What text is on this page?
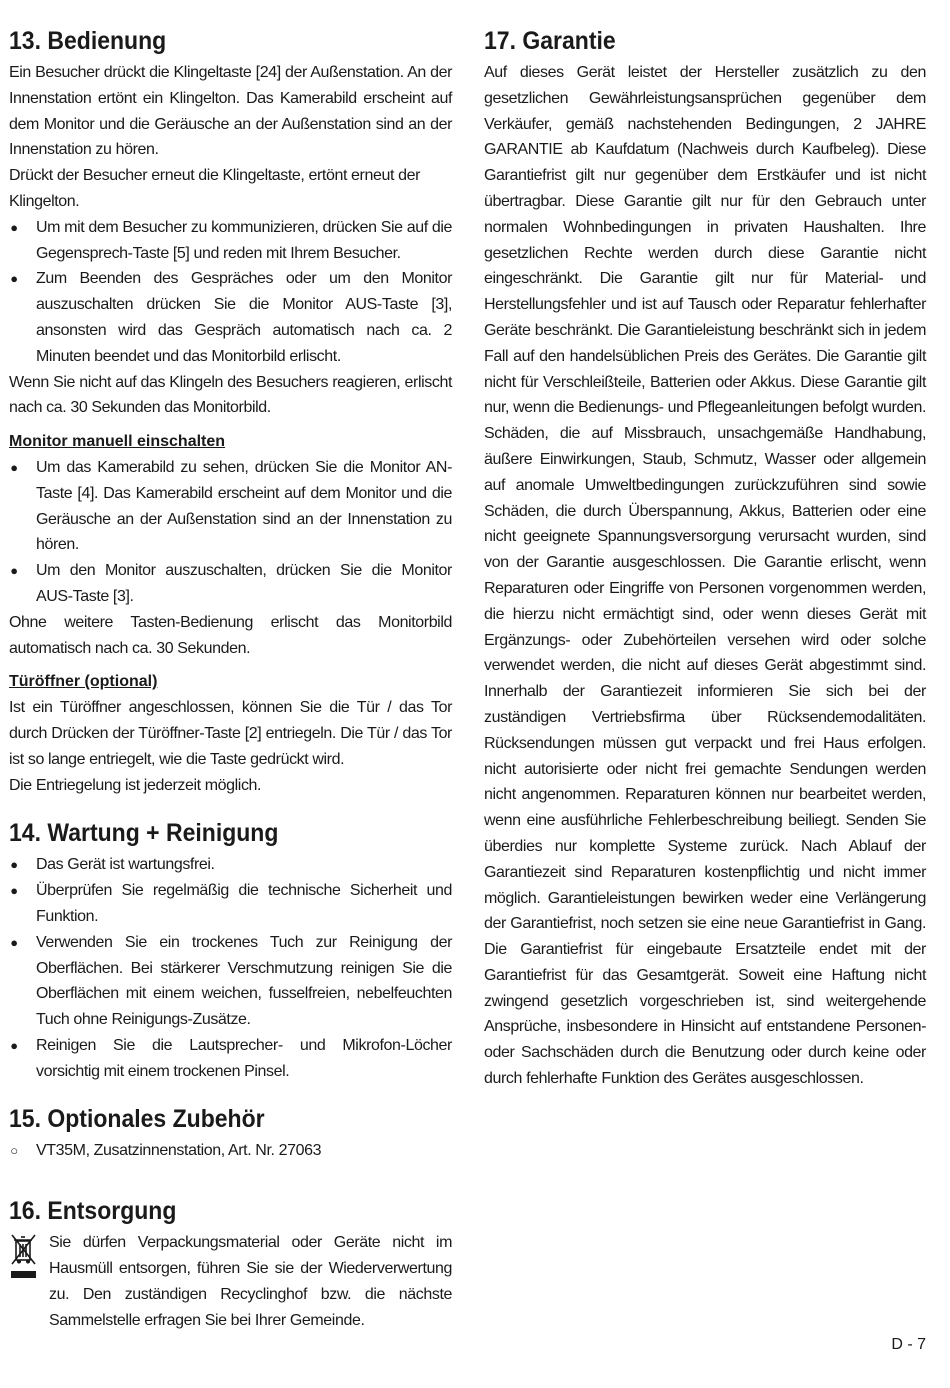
13. Bedienung

Ein Besucher drückt die Klingeltaste [24] der Außenstation. An der Innenstation ertönt ein Klingelton. Das Kamerabild erscheint auf dem Monitor und die Geräusche an der Außenstation sind an der Innenstation zu hören.

Drückt der Besucher erneut die Klingeltaste, ertönt erneut der Klingelton.

● Um mit dem Besucher zu kommunizieren, drücken Sie auf die Gegensprech-Taste [5] und reden mit Ihrem Besucher.
● Zum Beenden des Gespräches oder um den Monitor auszuschalten drücken Sie die Monitor AUS-Taste [3], ansonsten wird das Gespräch automatisch nach ca. 2 Minuten beendet und das Monitorbild erlischt.

Wenn Sie nicht auf das Klingeln des Besuchers reagieren, erlischt nach ca. 30 Sekunden das Monitorbild.

Monitor manuell einschalten
● Um das Kamerabild zu sehen, drücken Sie die Monitor AN-Taste [4]. Das Kamerabild erscheint auf dem Monitor und die Geräusche an der Außenstation sind an der Innenstation zu hören.
● Um den Monitor auszuschalten, drücken Sie die Monitor AUS-Taste [3].

Ohne weitere Tasten-Bedienung erlischt das Monitorbild automatisch nach ca. 30 Sekunden.

Türöffner (optional)

Ist ein Türöffner angeschlossen, können Sie die Tür / das Tor durch Drücken der Türöffner-Taste [2] entriegeln. Die Tür / das Tor ist so lange entriegelt, wie die Taste gedrückt wird.

Die Entriegelung ist jederzeit möglich.

14. Wartung + Reinigung
● Das Gerät ist wartungsfrei.
● Überprüfen Sie regelmäßig die technische Sicherheit und Funktion.
● Verwenden Sie ein trockenes Tuch zur Reinigung der Oberflächen. Bei stärkerer Verschmutzung reinigen Sie die Oberflächen mit einem weichen, fusselfreien, nebelfeuchten Tuch ohne Reinigungs-Zusätze.
● Reinigen Sie die Lautsprecher- und Mikrofon-Löcher vorsichtig mit einem trockenen Pinsel.
15. Optionales Zubehör
○ VT35M, Zusatzinnenstation, Art. Nr. 27063
16. Entsorgung

Sie dürfen Verpackungsmaterial oder Geräte nicht im Hausmüll entsorgen, führen Sie sie der Wiederverwertung zu. Den zuständigen Recyclinghof bzw. die nächste Sammelstelle erfragen Sie bei Ihrer Gemeinde.

17. Garantie

Auf dieses Gerät leistet der Hersteller zusätzlich zu den gesetzlichen Gewährleistungsansprüchen gegenüber dem Verkäufer, gemäß nachstehenden Bedingungen, 2 JAHRE GARANTIE ab Kaufdatum (Nachweis durch Kaufbeleg). Diese Garantiefrist gilt nur gegenüber dem Erstkäufer und ist nicht übertragbar. Diese Garantie gilt nur für den Gebrauch unter normalen Wohnbedingungen in privaten Haushalten. Ihre gesetzlichen Rechte werden durch diese Garantie nicht eingeschränkt. Die Garantie gilt nur für Material- und Herstellungsfehler und ist auf Tausch oder Reparatur fehlerhafter Geräte beschränkt. Die Garantieleistung beschränkt sich in jedem Fall auf den handelsüblichen Preis des Gerätes. Die Garantie gilt nicht für Verschleißteile, Batterien oder Akkus. Diese Garantie gilt nur, wenn die Bedienungs- und Pflegeanleitungen befolgt wurden. Schäden, die auf Missbrauch, unsachgemäße Handhabung, äußere Einwirkungen, Staub, Schmutz, Wasser oder allgemein auf anomale Umweltbedingungen zurückzuführen sind sowie Schäden, die durch Überspannung, Akkus, Batterien oder eine nicht geeignete Spannungsversorgung verursacht wurden, sind von der Garantie ausgeschlossen. Die Garantie erlischt, wenn Reparaturen oder Eingriffe von Personen vorgenommen werden, die hierzu nicht ermächtigt sind, oder wenn dieses Gerät mit Ergänzungs- oder Zubehörteilen versehen wird oder solche verwendet werden, die nicht auf dieses Gerät abgestimmt sind. Innerhalb der Garantiezeit informieren Sie sich bei der zuständigen Vertriebsfirma über Rücksendemodalitäten. Rücksendungen müssen gut verpackt und frei Haus erfolgen. nicht autorisierte oder nicht frei gemachte Sendungen werden nicht angenommen. Reparaturen können nur bearbeitet werden, wenn eine ausführliche Fehlerbeschreibung beiliegt. Senden Sie überdies nur komplette Systeme zurück. Nach Ablauf der Garantiezeit sind Reparaturen kostenpflichtig und nicht immer möglich. Garantieleistungen bewirken weder eine Verlängerung der Garantiefrist, noch setzen sie eine neue Garantiefrist in Gang. Die Garantiefrist für eingebaute Ersatzteile endet mit der Garantiefrist für das Gesamtgerät. Soweit eine Haftung nicht zwingend gesetzlich vorgeschrieben ist, sind weitergehende Ansprüche, insbesondere in Hinsicht auf entstandene Personen- oder Sachschäden durch die Benutzung oder durch keine oder durch fehlerhafte Funktion des Gerätes ausgeschlossen.

D - 7
